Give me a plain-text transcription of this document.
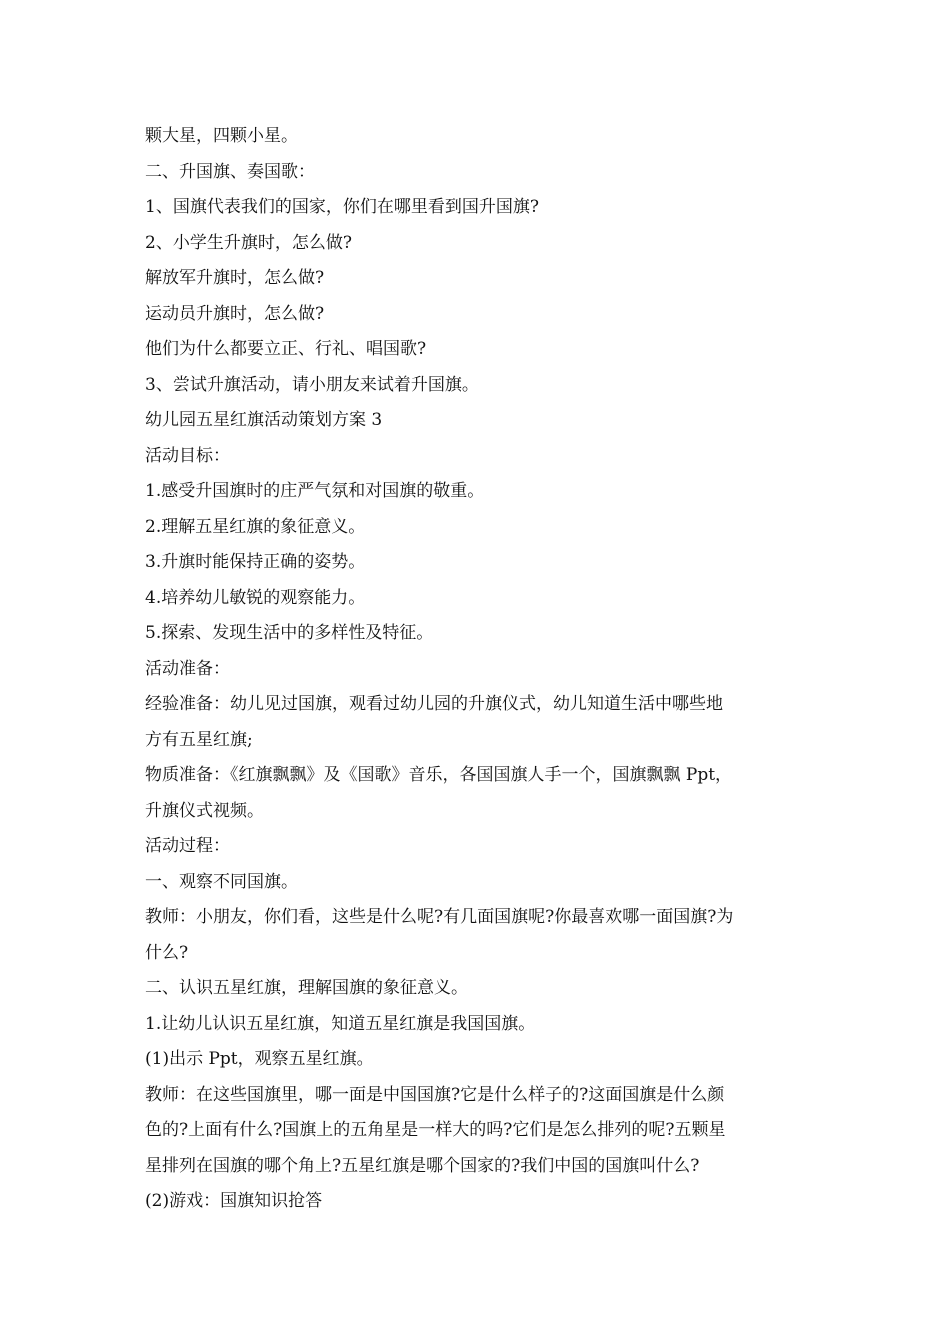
颗大星，四颗小星。

二、升国旗、奏国歌：

1、国旗代表我们的国家，你们在哪里看到国升国旗?

2、小学生升旗时，怎么做?

解放军升旗时，怎么做?

运动员升旗时，怎么做?

他们为什么都要立正、行礼、唱国歌?

3、尝试升旗活动，请小朋友来试着升国旗。

幼儿园五星红旗活动策划方案 3

活动目标：

1.感受升国旗时的庄严气氛和对国旗的敬重。

2.理解五星红旗的象征意义。

3.升旗时能保持正确的姿势。

4.培养幼儿敏锐的观察能力。

5.探索、发现生活中的多样性及特征。

活动准备：

经验准备：幼儿见过国旗，观看过幼儿园的升旗仪式，幼儿知道生活中哪些地

方有五星红旗;

物质准备：《红旗飘飘》及《国歌》音乐，各国国旗人手一个，国旗飘飘 Ppt，

升旗仪式视频。

活动过程：

一、观察不同国旗。

教师：小朋友，你们看，这些是什么呢?有几面国旗呢?你最喜欢哪一面国旗?为

什么?

二、认识五星红旗，理解国旗的象征意义。

1.让幼儿认识五星红旗，知道五星红旗是我国国旗。

(1)出示 Ppt，观察五星红旗。

教师：在这些国旗里，哪一面是中国国旗?它是什么样子的?这面国旗是什么颜

色的?上面有什么?国旗上的五角星是一样大的吗?它们是怎么排列的呢?五颗星

星排列在国旗的哪个角上?五星红旗是哪个国家的?我们中国的国旗叫什么?

(2)游戏：国旗知识抢答
